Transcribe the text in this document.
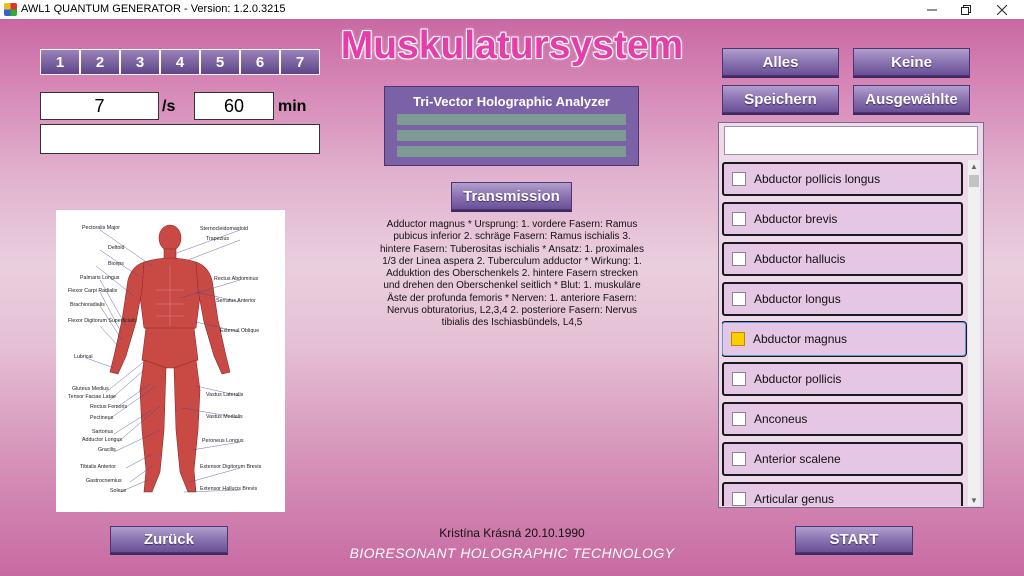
AWL1 QUANTUM GENERATOR - Version: 1.2.0.3215
Muskulatursystem
1	2	3	4	5	6	7
7	/s	60	min	Tri-Vector Holographic Analyzer
Transmission
Adductor magnus * Ursprung: 1. vordere Fasern: Ramus pubicus inferior 2. schräge Fasern: Ramus ischialis 3. hintere Fasern: Tuberositas ischialis * Ansatz: 1. proximales 1/3 der Linea aspera 2. Tuberculum adductor * Wirkung: 1. Adduktion des Oberschenkels 2. hintere Fasern strecken und drehen den Oberschenkel seitlich * Blut: 1. muskuläre Äste der profunda femoris * Nerven: 1. anteriore Fasern: Nervus obturatorius, L2,3,4 2. posteriore Fasern: Nervus tibialis des Ischiasbündels, L4,5
Pectoralis Major
Deltoid
Biceps
Palmaris Longus
Flexor Carpi Radialis
Brachioradialis
Flexor Digitorum Superficialis
Lubrical
Gluteus Medius
Tensor Faciae Latae
Rectus Femoris
Pectineus
Sartorius
Adductor Longus
Gracilis
Tibialis Anterior
Gastrocnemius
Soleus
Sternocleidomastoid
Trapezius
Rectus Abdominus
Serratus Anterior
External Oblique
Vastus Lateralis
Vastus Medialis
Peroneus Longus
Extensor Digitorum Brevis
Extensor Hallucis Brevis
Alles	Keine
Speichern	Ausgewählte
Abductor pollicis longus
Abductor brevis
Abductor hallucis
Abductor longus
Abductor magnus
Abductor pollicis
Anconeus
Anterior scalene
Articular genus
▲
▼
Zurück	START
Kristína Krásná 20.10.1990
BIORESONANT HOLOGRAPHIC TECHNOLOGY
